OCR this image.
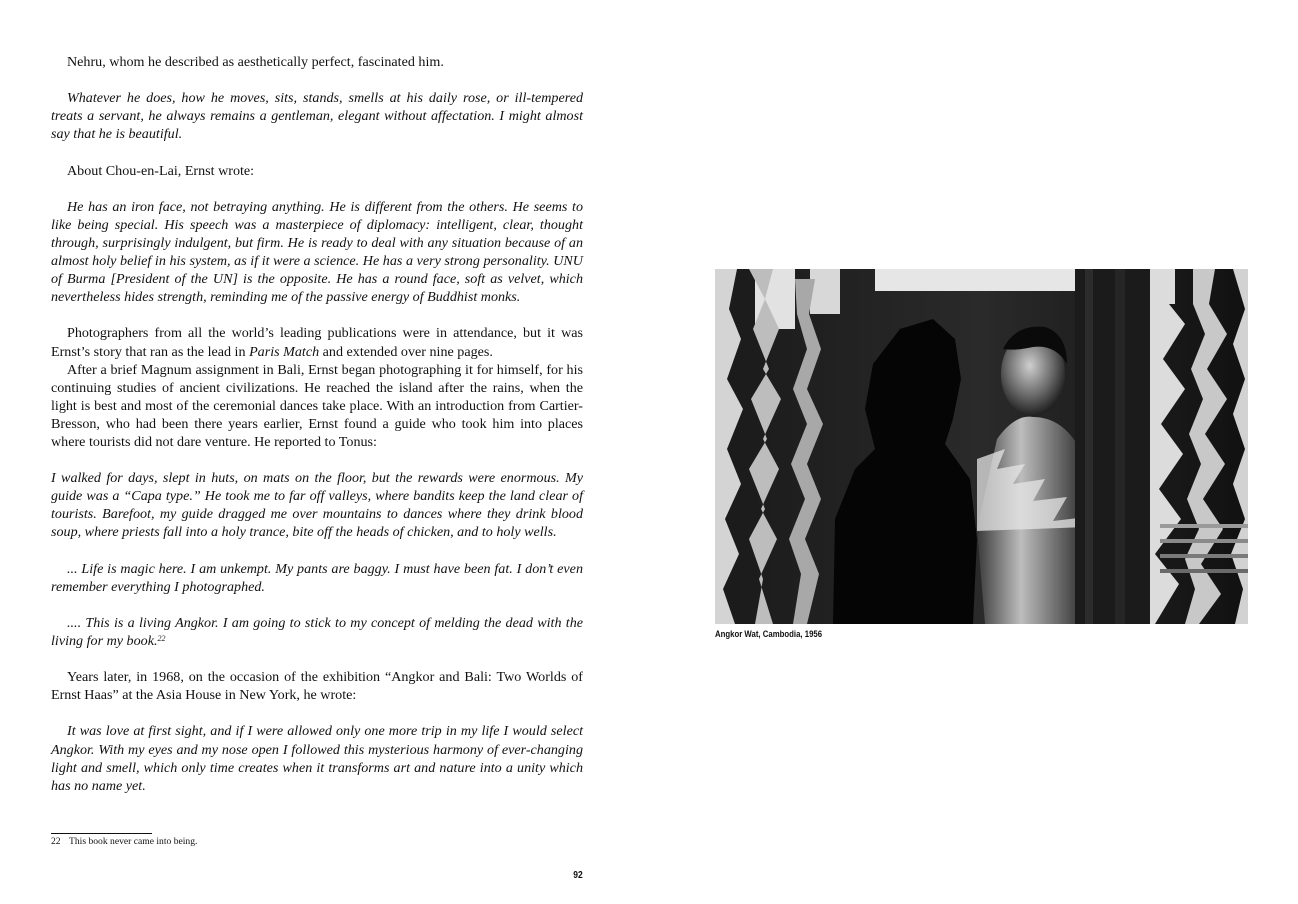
Nehru, whom he described as aesthetically perfect, fascinated him.

Whatever he does, how he moves, sits, stands, smells at his daily rose, or ill-tempered treats a servant, he always remains a gentleman, elegant without affectation. I might almost say that he is beautiful.

About Chou-en-Lai, Ernst wrote:

He has an iron face, not betraying anything. He is different from the others. He seems to like being special. His speech was a masterpiece of diplomacy: intelligent, clear, thought through, surprisingly indulgent, but firm. He is ready to deal with any situation because of an almost holy belief in his system, as if it were a science. He has a very strong personality. UNU of Burma [President of the UN] is the opposite. He has a round face, soft as velvet, which nevertheless hides strength, reminding me of the passive energy of Buddhist monks.

Photographers from all the world’s leading publications were in attendance, but it was Ernst’s story that ran as the lead in Paris Match and extended over nine pages.

After a brief Magnum assignment in Bali, Ernst began photographing it for himself, for his continuing studies of ancient civilizations. He reached the island after the rains, when the light is best and most of the ceremonial dances take place. With an introduction from Cartier-Bresson, who had been there years earlier, Ernst found a guide who took him into places where tourists did not dare venture. He reported to Tonus:

I walked for days, slept in huts, on mats on the floor, but the rewards were enormous. My guide was a “Capa type.” He took me to far off valleys, where bandits keep the land clear of tourists. Barefoot, my guide dragged me over mountains to dances where they drink blood soup, where priests fall into a holy trance, bite off the heads of chicken, and to holy wells.

... Life is magic here. I am unkempt. My pants are baggy. I must have been fat. I don’t even remember everything I photographed.

.... This is a living Angkor. I am going to stick to my concept of melding the dead with the living for my book.$^{22}$

Years later, in 1968, on the occasion of the exhibition “Angkor and Bali: Two Worlds of Ernst Haas” at the Asia House in New York, he wrote:

It was love at first sight, and if I were allowed only one more trip in my life I would select Angkor. With my eyes and my nose open I followed this mysterious harmony of ever-changing light and smell, which only time creates when it transforms art and nature into a unity which has no name yet.

22 This book never came into being.
92
Angkor Wat, Cambodia, 1956
